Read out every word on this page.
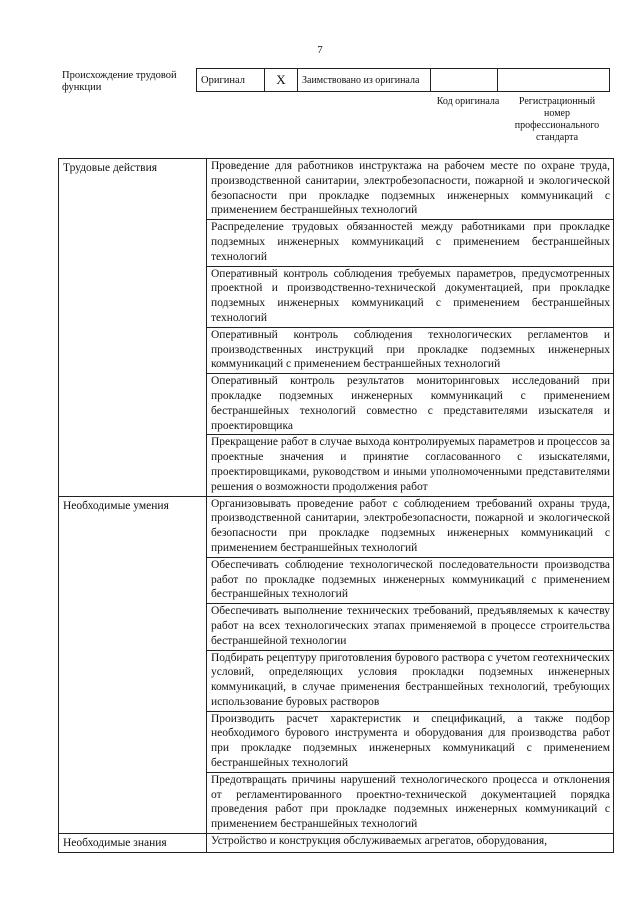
7
Происхождение трудовой функции
Оригинал	X	Заимствовано из оригинала		
Код оригинала	Регистрационный номер профессионального стандарта
Трудовые действия	Проведение для работников инструктажа на рабочем месте по охране труда, производственной санитарии, электробезопасности, пожарной и экологической безопасности при прокладке подземных инженерных коммуникаций с применением бестраншейных технологий
	Распределение трудовых обязанностей между работниками при прокладке подземных инженерных коммуникаций с применением бестраншейных технологий
	Оперативный контроль соблюдения требуемых параметров, предусмотренных проектной и производственно-технической документацией, при прокладке подземных инженерных коммуникаций с применением бестраншейных технологий
	Оперативный контроль соблюдения технологических регламентов и производственных инструкций при прокладке подземных инженерных коммуникаций с применением бестраншейных технологий
	Оперативный контроль результатов мониторинговых исследований при прокладке подземных инженерных коммуникаций с применением бестраншейных технологий совместно с представителями изыскателя и проектировщика
	Прекращение работ в случае выхода контролируемых параметров и процессов за проектные значения и принятие согласованного с изыскателями, проектировщиками, руководством и иными уполномоченными представителями решения о возможности продолжения работ
Необходимые умения	Организовывать проведение работ с соблюдением требований охраны труда, производственной санитарии, электробезопасности, пожарной и экологической безопасности при прокладке подземных инженерных коммуникаций с применением бестраншейных технологий
	Обеспечивать соблюдение технологической последовательности производства работ по прокладке подземных инженерных коммуникаций с применением бестраншейных технологий
	Обеспечивать выполнение технических требований, предъявляемых к качеству работ на всех технологических этапах применяемой в процессе строительства бестраншейной технологии
	Подбирать рецептуру приготовления бурового раствора с учетом геотехнических условий, определяющих условия прокладки подземных инженерных коммуникаций, в случае применения бестраншейных технологий, требующих использование буровых растворов
	Производить расчет характеристик и спецификаций, а также подбор необходимого бурового инструмента и оборудования для производства работ при прокладке подземных инженерных коммуникаций с применением бестраншейных технологий
	Предотвращать причины нарушений технологического процесса и отклонения от регламентированного проектно-технической документацией порядка проведения работ при прокладке подземных инженерных коммуникаций с применением бестраншейных технологий
Необходимые знания	Устройство и конструкция обслуживаемых агрегатов, оборудования,
